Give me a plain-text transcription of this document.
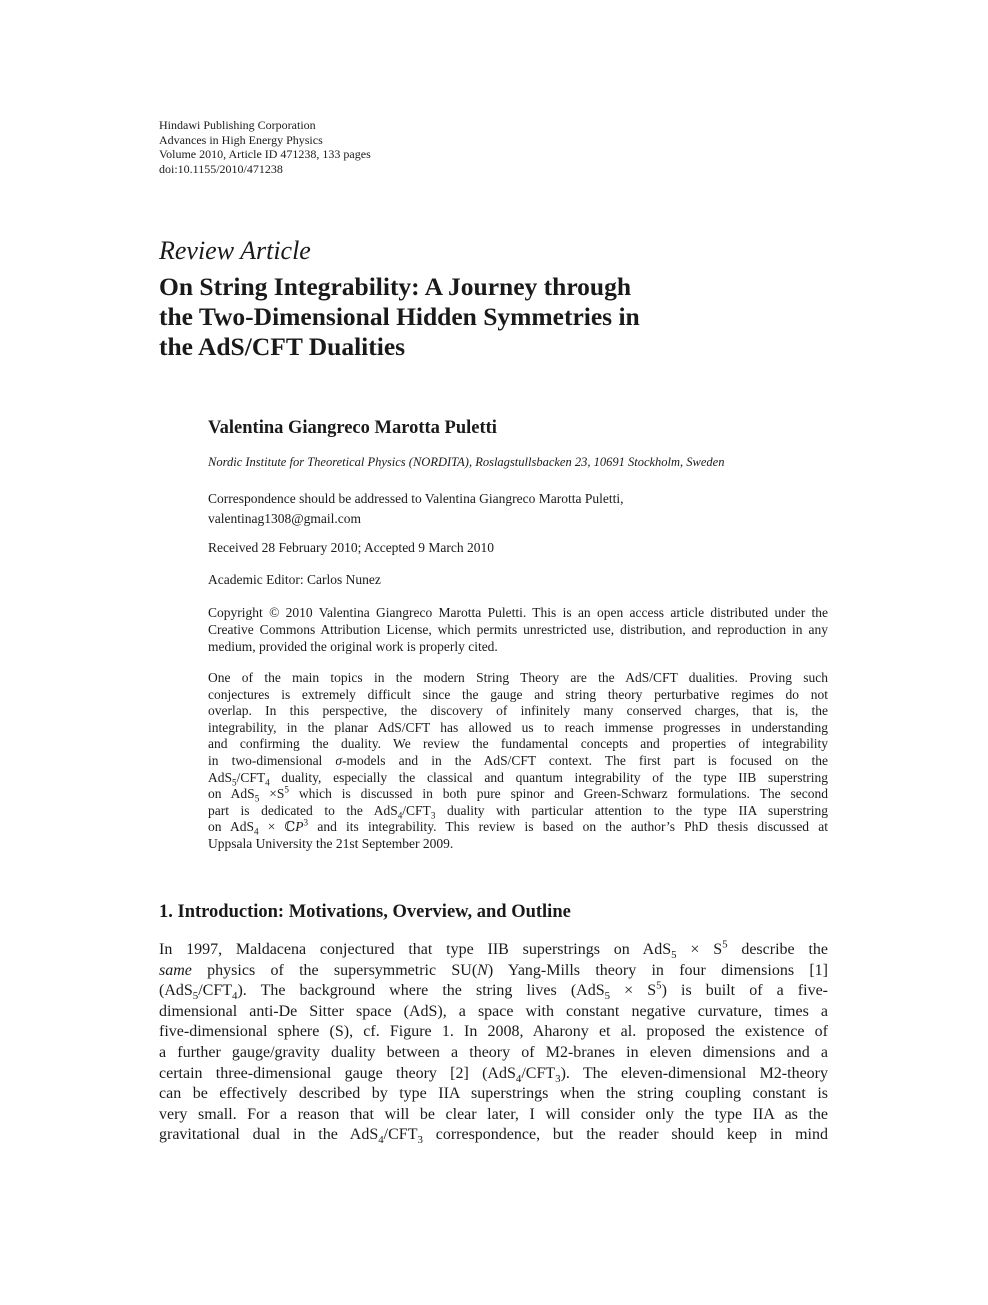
Hindawi Publishing Corporation
Advances in High Energy Physics
Volume 2010, Article ID 471238, 133 pages
doi:10.1155/2010/471238
Review Article
On String Integrability: A Journey through
the Two-Dimensional Hidden Symmetries in
the AdS/CFT Dualities
Valentina Giangreco Marotta Puletti
Nordic Institute for Theoretical Physics (NORDITA), Roslagstullsbacken 23, 10691 Stockholm, Sweden
Correspondence should be addressed to Valentina Giangreco Marotta Puletti,
valentinag1308@gmail.com
Received 28 February 2010; Accepted 9 March 2010
Academic Editor: Carlos Nunez
Copyright © 2010 Valentina Giangreco Marotta Puletti. This is an open access article distributed under the Creative Commons Attribution License, which permits unrestricted use, distribution, and reproduction in any medium, provided the original work is properly cited.
One of the main topics in the modern String Theory are the AdS/CFT dualities. Proving such
conjectures is extremely difficult since the gauge and string theory perturbative regimes do not
overlap. In this perspective, the discovery of infinitely many conserved charges, that is, the
integrability, in the planar AdS/CFT has allowed us to reach immense progresses in understanding
and confirming the duality. We review the fundamental concepts and properties of integrability
in two-dimensional σ-models and in the AdS/CFT context. The first part is focused on the
$AdS_5/CFT_4$ duality, especially the classical and quantum integrability of the type IIB superstring
on $AdS_5 \times S^5$ which is discussed in both pure spinor and Green-Schwarz formulations. The second
part is dedicated to the $AdS_4/CFT_3$ duality with particular attention to the type IIA superstring
on AdS$_4$ × ℂP$^3$ and its integrability. This review is based on the author’s PhD thesis discussed at
Uppsala University the 21st September 2009.
1. Introduction: Motivations, Overview, and Outline
In 1997, Maldacena conjectured that type IIB superstrings on $AdS_5 \times S^5$ describe the
same physics of the supersymmetric SU(N) Yang-Mills theory in four dimensions [1]
$(AdS_5/CFT_4)$. The background where the string lives $(AdS_5 \times S^5)$ is built of a five-
dimensional anti-De Sitter space (AdS), a space with constant negative curvature, times a
five-dimensional sphere (S), cf. Figure 1. In 2008, Aharony et al. proposed the existence of
a further gauge/gravity duality between a theory of M2-branes in eleven dimensions and a
certain three-dimensional gauge theory [2] $(AdS_4/CFT_3)$. The eleven-dimensional M2-theory
can be effectively described by type IIA superstrings when the string coupling constant is
very small. For a reason that will be clear later, I will consider only the type IIA as the
gravitational dual in the $AdS_4/CFT_3$ correspondence, but the reader should keep in mind
